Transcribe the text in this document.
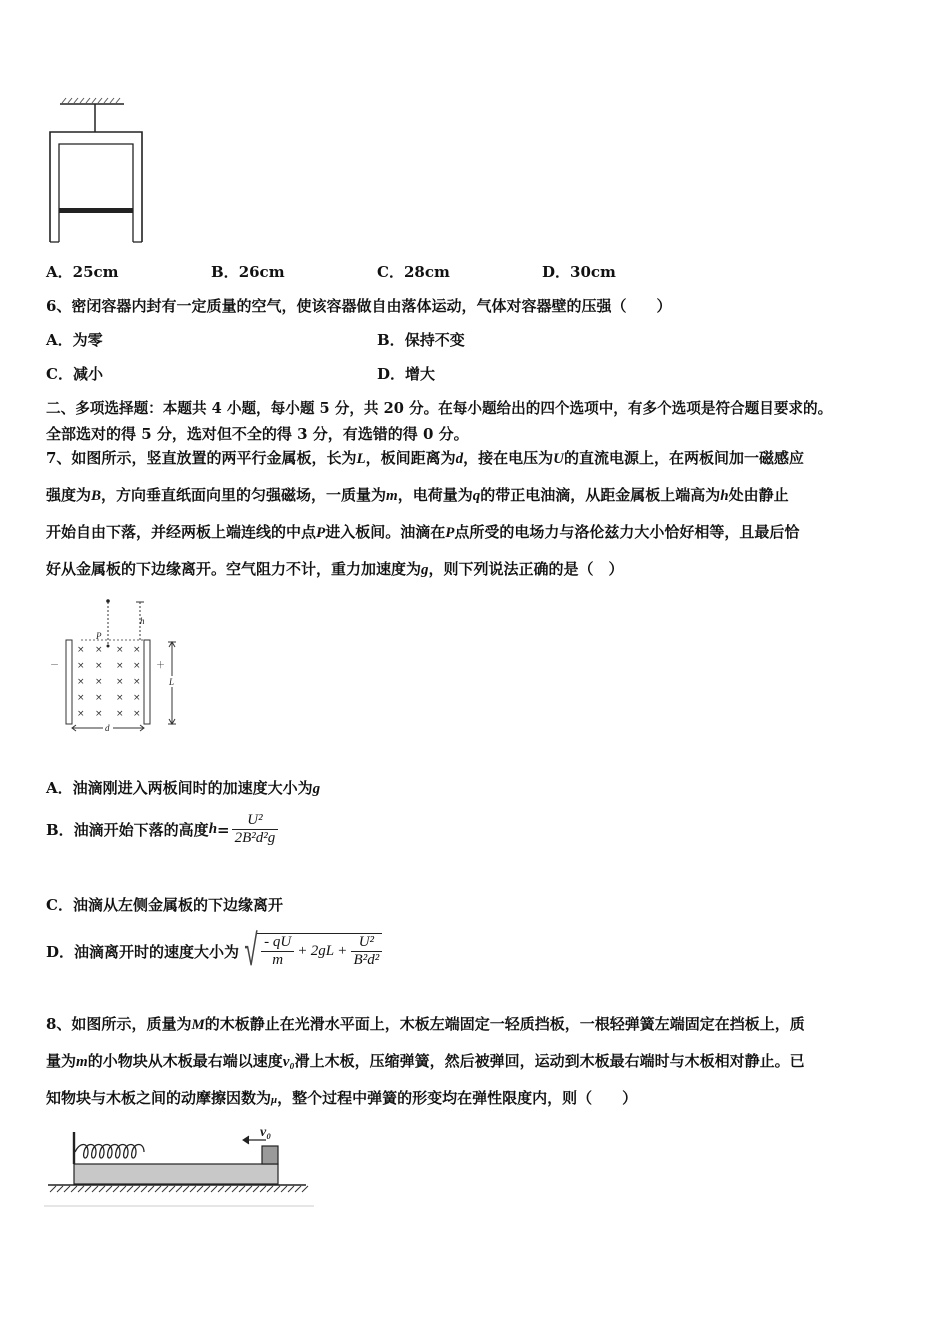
A．25cm	B．26cm	C．28cm	D．30cm
6、密闭容器内封有一定质量的空气，使该容器做自由落体运动，气体对容器壁的压强（　　）
A．为零	B．保持不变
C．减小	D．增大
二、多项选择题：本题共 4 小题，每小题 5 分，共 20 分。在每小题给出的四个选项中，有多个选项是符合题目要求的。
全部选对的得 5 分，选对但不全的得 3 分，有选错的得 0 分。
7、如图所示，竖直放置的两平行金属板，长为L，板间距离为d，接在电压为U的直流电源上，在两板间加一磁感应
强度为B，方向垂直纸面向里的匀强磁场，一质量为m，电荷量为q的带正电油滴，从距金属板上端高为h处由静止
开始自由下落，并经两板上端连线的中点P进入板间。油滴在P点所受的电场力与洛伦兹力大小恰好相等，且最后恰
好从金属板的下边缘离开。空气阻力不计，重力加速度为g，则下列说法正确的是（　）
h
P
－	＋
× × × ×
× × × ×
× × × ×
× × × ×
× × × ×
L
d
A．油滴刚进入两板间时的加速度大小为g
B．油滴开始下落的高度 $h = \frac{\text{U²}}{\text{2B²d²g}}$
C．油滴从左侧金属板的下边缘离开
D．油滴离开时的速度大小为 √ $\frac{- qU}{m} + 2gL + \frac{\text{U²}}{\text{B²d²}}$
8、如图所示，质量为M的木板静止在光滑水平面上，木板左端固定一轻质挡板，一根轻弹簧左端固定在挡板上，质
量为m的小物块从木板最右端以速度v₀滑上木板，压缩弹簧，然后被弹回，运动到木板最右端时与木板相对静止。已
知物块与木板之间的动摩擦因数为μ，整个过程中弹簧的形变均在弹性限度内，则（　　）
v₀
